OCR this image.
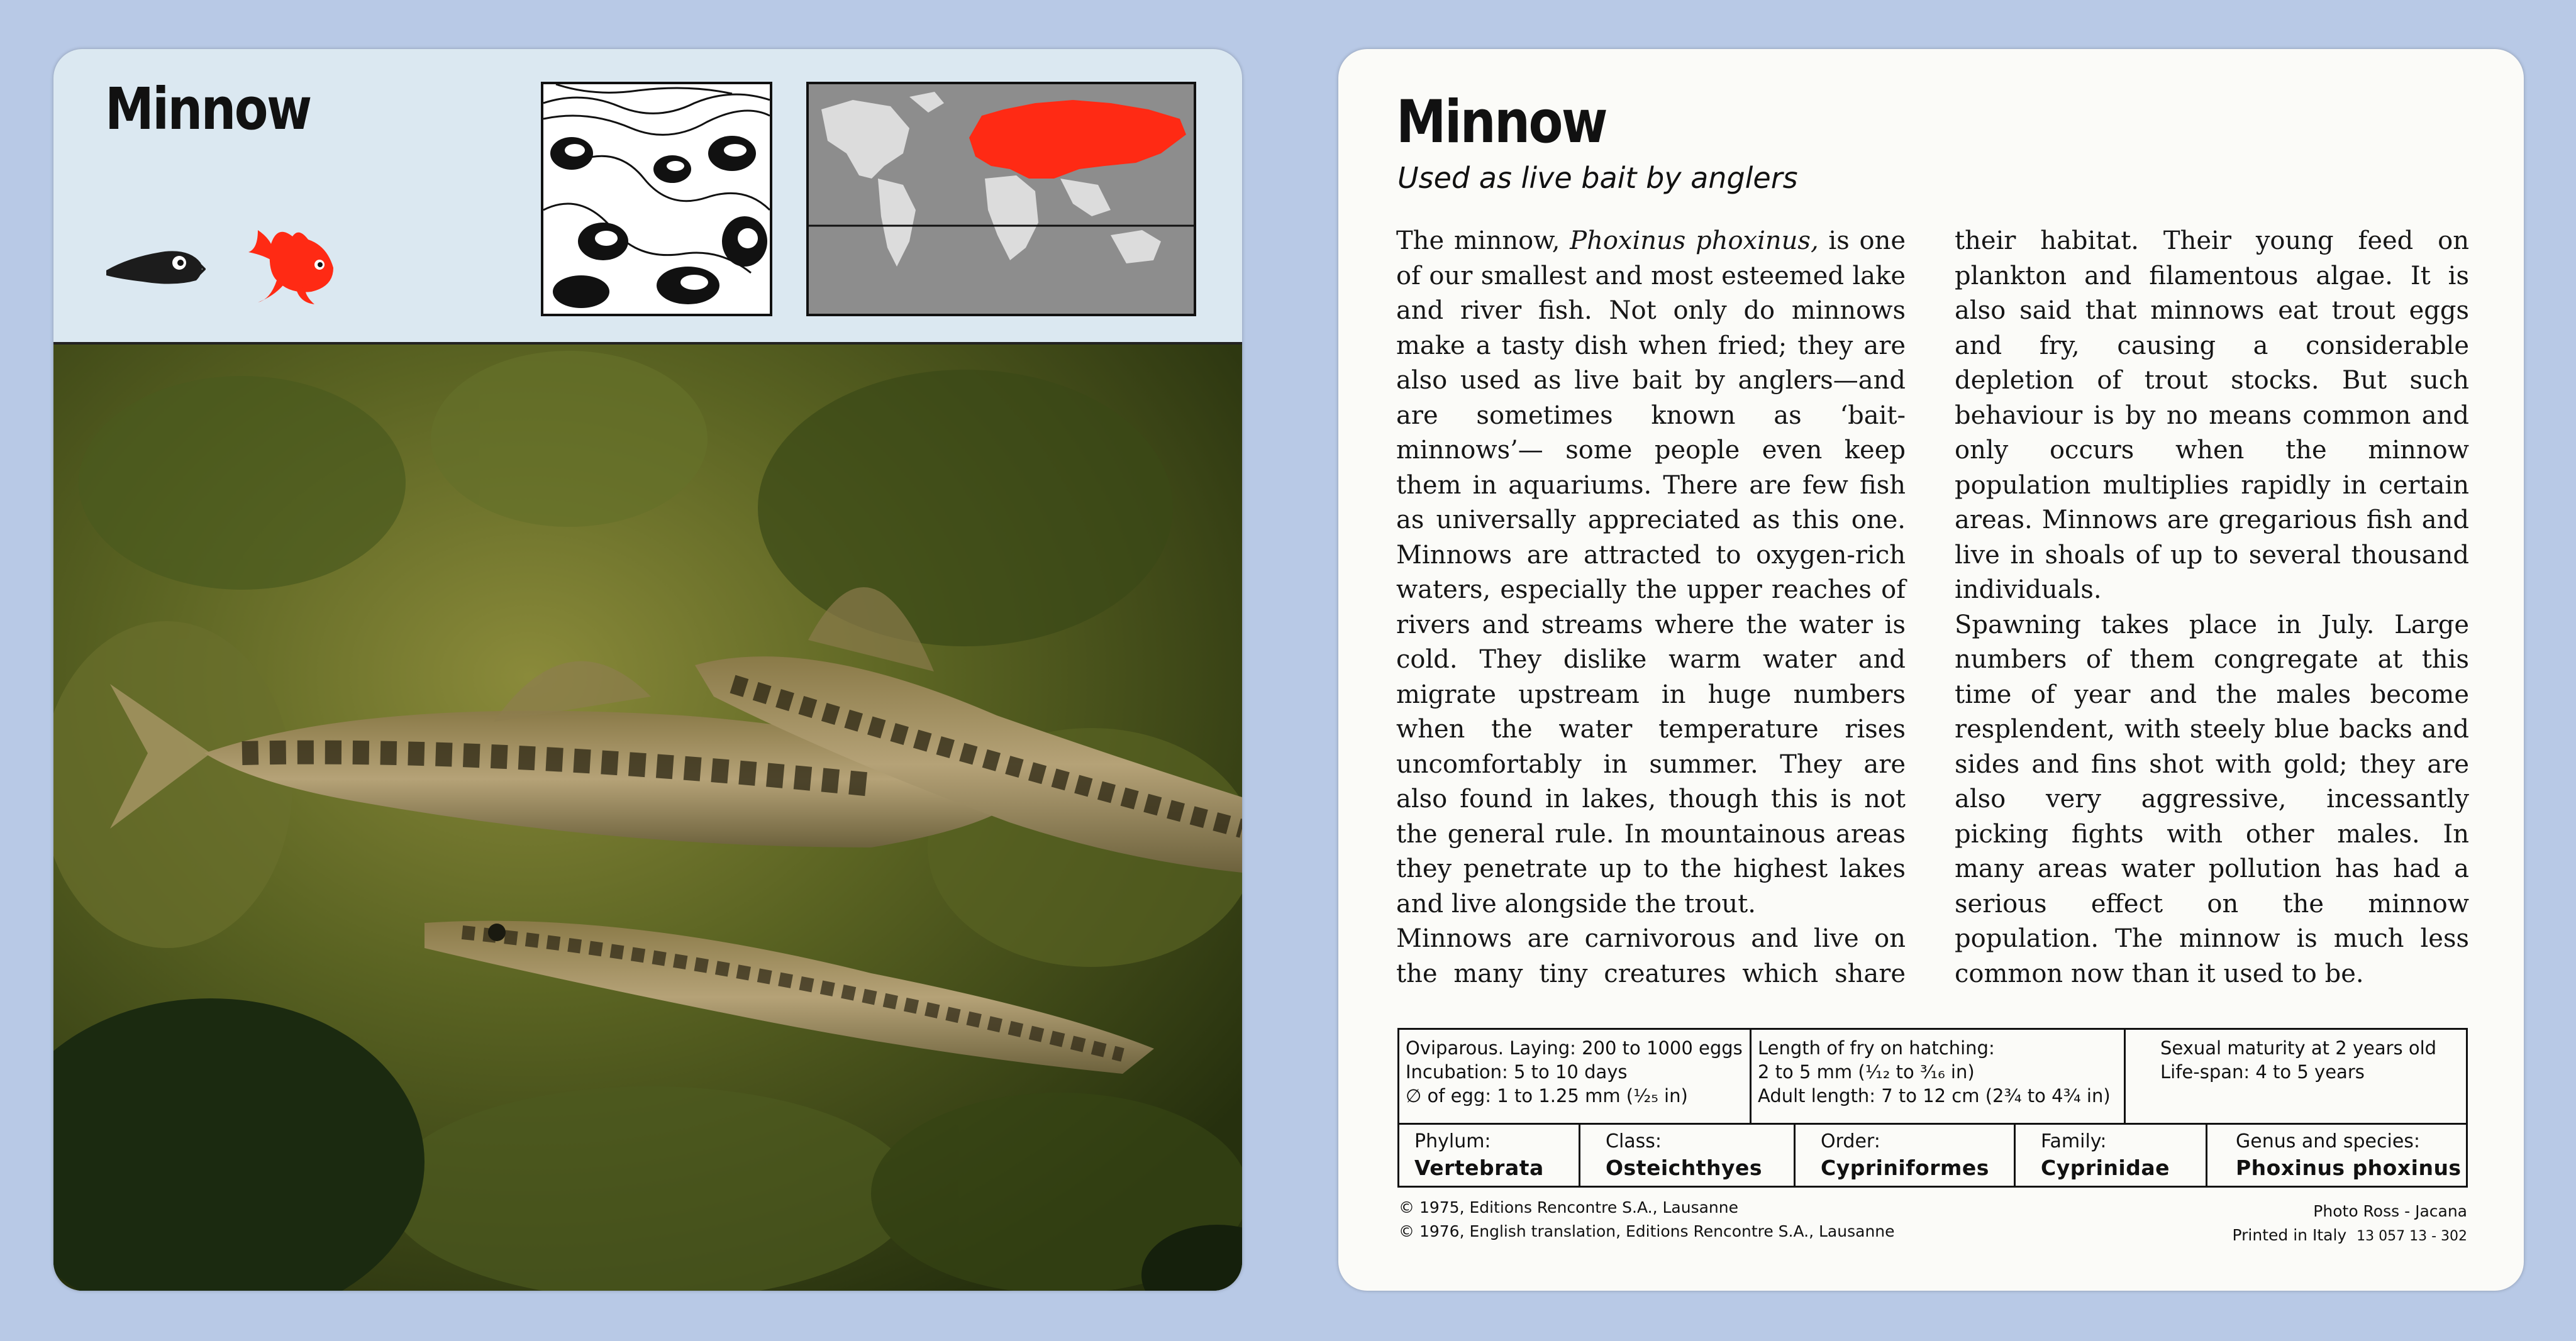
Minnow	Minnow
Used as live bait by anglers

The minnow, Phoxinus phoxinus, is one of our smallest and most esteemed lake and river fish. Not only do minnows make a tasty dish when fried; they are also used as live bait by anglers—and are sometimes known as ‘bait-minnows’— some people even keep them in aquariums. There are few fish as universally appreciated as this one. Minnows are attracted to oxygen-rich waters, especially the upper reaches of rivers and streams where the water is cold. They dislike warm water and migrate upstream in huge numbers when the water temperature rises uncomfortably in summer. They are also found in lakes, though this is not the general rule. In mountainous areas they penetrate up to the highest lakes and live alongside the trout.

Minnows are carnivorous and live on the many tiny creatures which share

their habitat. Their young feed on plankton and filamentous algae. It is also said that minnows eat trout eggs and fry, causing a considerable depletion of trout stocks. But such behaviour is by no means common and only occurs when the minnow population multiplies rapidly in certain areas. Minnows are gregarious fish and live in shoals of up to several thousand individuals.

Spawning takes place in July. Large numbers of them congregate at this time of year and the males become resplendent, with steely blue backs and sides and fins shot with gold; they are also very aggressive, incessantly picking fights with other males. In many areas water pollution has had a serious effect on the minnow population. The minnow is much less common now than it used to be.

Oviparous. Laying: 200 to 1000 eggs
Incubation: 5 to 10 days
∅ of egg: 1 to 1.25 mm (¹⁄₂₅ in)
Length of fry on hatching:
2 to 5 mm (¹⁄₁₂ to ³⁄₁₆ in)
Adult length: 7 to 12 cm (2¾ to 4¾ in)
Sexual maturity at 2 years old
Life-span: 4 to 5 years
Phylum:
Vertebrata
Class:
Osteichthyes
Order:
Cypriniformes
Family:
Cyprinidae
Genus and species:
Phoxinus phoxinus
© 1975, Editions Rencontre S.A., Lausanne
© 1976, English translation, Editions Rencontre S.A., Lausanne
Photo Ross - Jacana
Printed in Italy 13 057 13 - 302
